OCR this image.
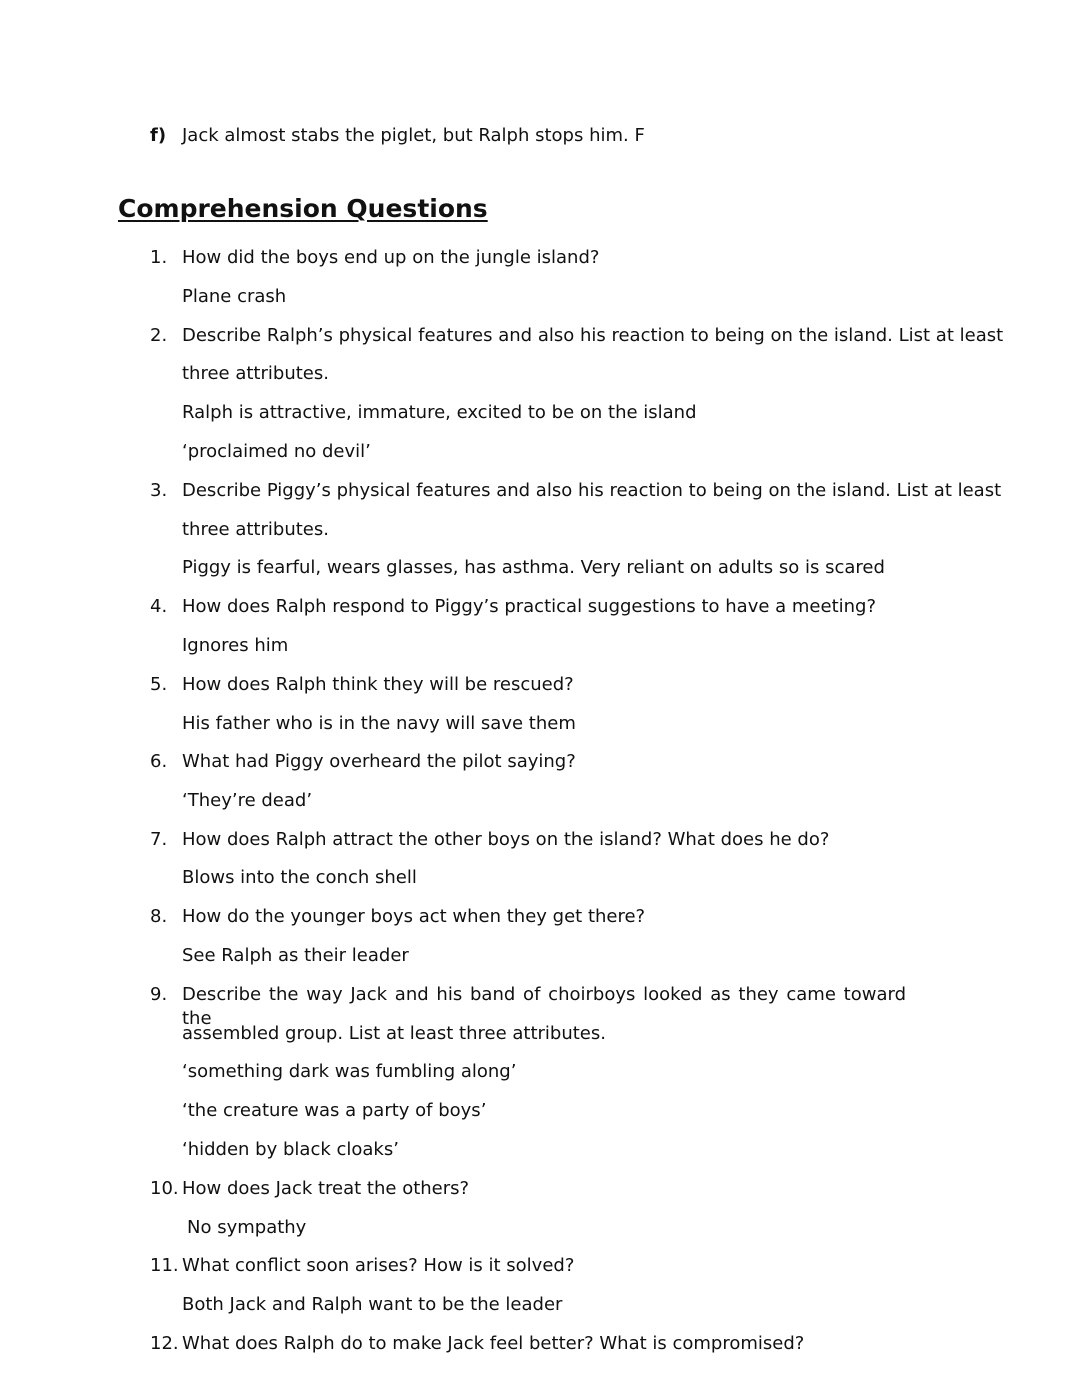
f) Jack almost stabs the piglet, but Ralph stops him. F
Comprehension Questions
1. How did the boys end up on the jungle island?
Plane crash
2. Describe Ralph’s physical features and also his reaction to being on the island. List at least
three attributes.
Ralph is attractive, immature, excited to be on the island
‘proclaimed no devil’
3. Describe Piggy’s physical features and also his reaction to being on the island. List at least
three attributes.
Piggy is fearful, wears glasses, has asthma. Very reliant on adults so is scared
4. How does Ralph respond to Piggy’s practical suggestions to have a meeting?
Ignores him
5. How does Ralph think they will be rescued?
His father who is in the navy will save them
6. What had Piggy overheard the pilot saying?
‘They’re dead’
7. How does Ralph attract the other boys on the island? What does he do?
Blows into the conch shell
8. How do the younger boys act when they get there?
See Ralph as their leader
9. Describe the way Jack and his band of choirboys looked as they came toward the
assembled group. List at least three attributes.
‘something dark was fumbling along’
‘the creature was a party of boys’
‘hidden by black cloaks’
10. How does Jack treat the others?
No sympathy
11. What conflict soon arises? How is it solved?
Both Jack and Ralph want to be the leader
12. What does Ralph do to make Jack feel better? What is compromised?
